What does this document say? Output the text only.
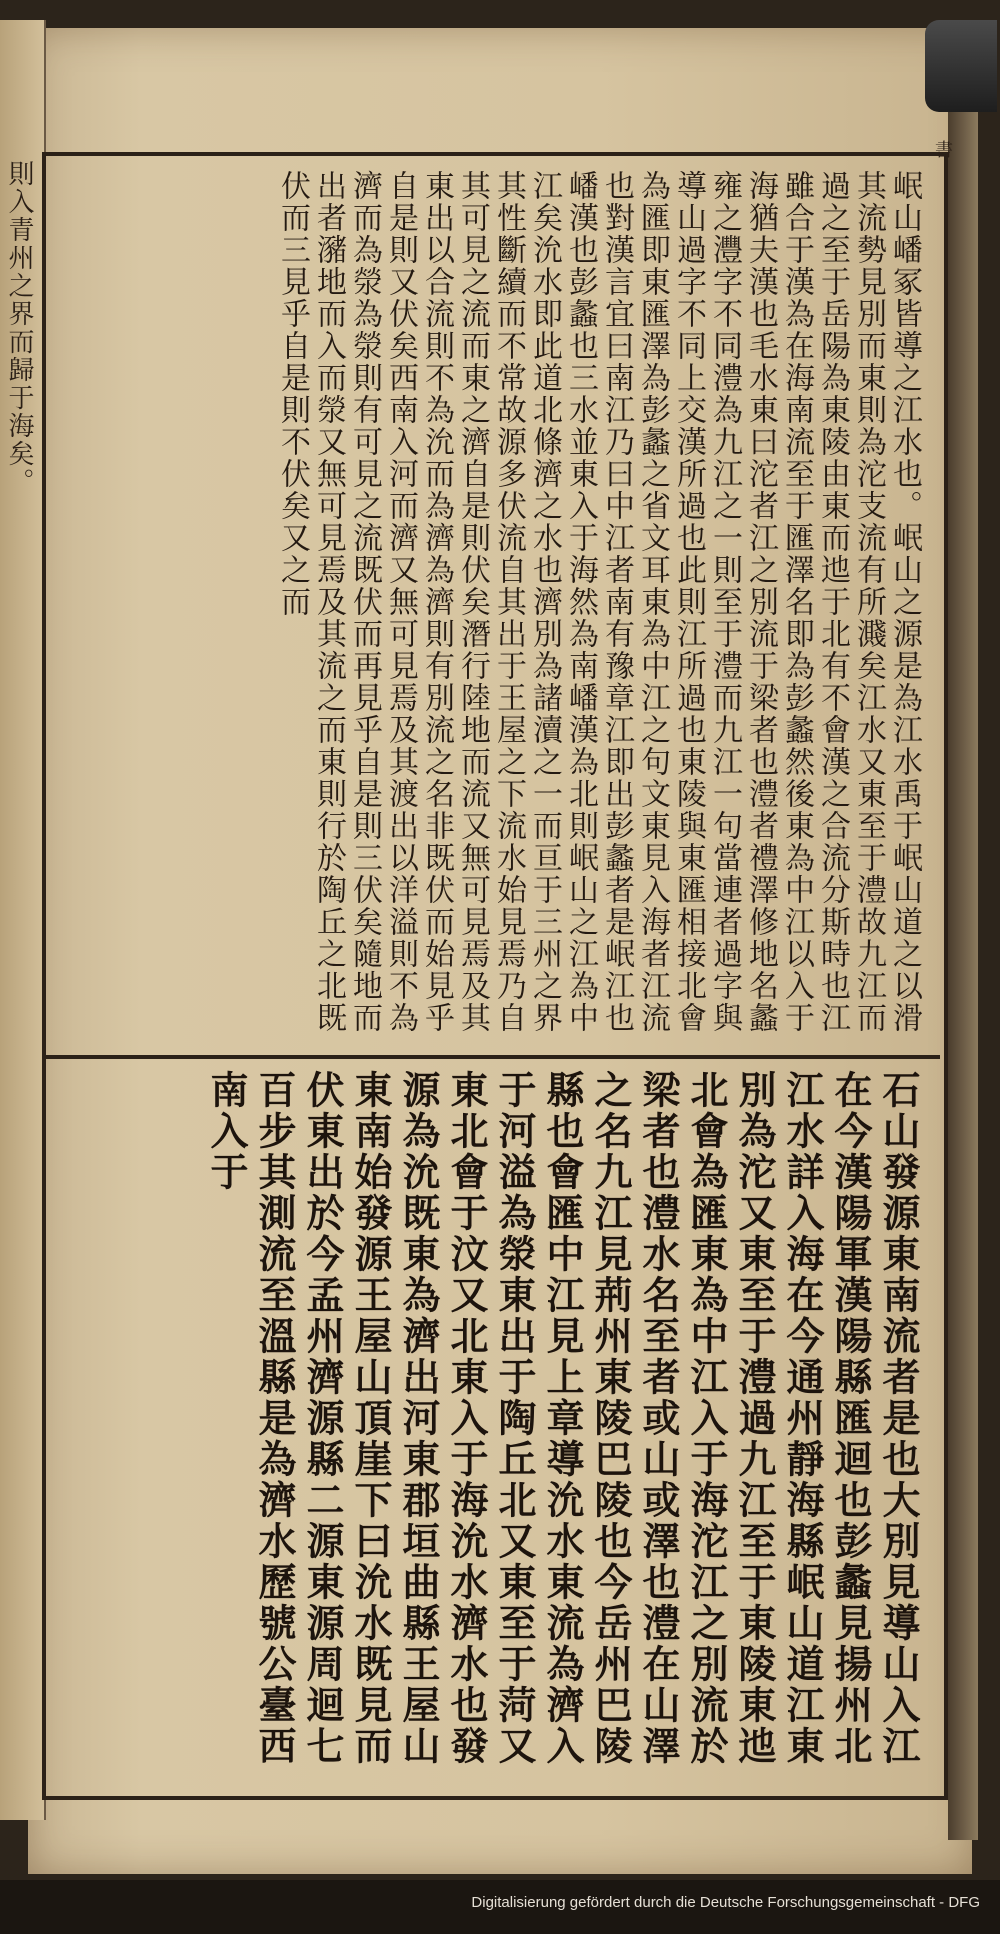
則入青州之界而歸于海矣。
書
岷山嶓冢皆導之江水也。岷山之源是為江水禹于岷山道之以滑其流勢見別而東則為沱支流有所濺矣江水又東至于澧故九江而過之至于岳陽為東陵由東而迆于北有不會漢之合流分斯時也江雖合于漢為在海南流至于匯澤名即為彭蠡然後東為中江以入于海猶夫漢也毛水東曰沱者江之別流于梁者也澧者禮澤修地名蠡雍之灃字不同澧為九江之一則至于澧而九江一句當連者過字與導山過字不同上交漢所過也此則江所過也東陵與東匯相接北會為匯即東匯澤為彭蠡之省文耳東為中江之句文東見入海者江流也對漢言宜曰南江乃曰中江者南有豫章江即出彭蠡者是岷江也嶓漢也彭蠡也三水並東入于海然為南嶓漢為北則岷山之江為中江矣沇水即此道北條濟之水也濟別為諸瀆之一而亘于三州之界其性斷續而不常故源多伏流自其出于王屋之下流水始見焉乃自其可見之流而東之濟自是則伏矣潛行陸地而流又無可見焉及其東出以合流則不為沇而為濟為濟則有別流之名非既伏而始見乎自是則又伏矣西南入河而濟又無可見焉及其渡出以洋溢則不為濟而為滎為滎則有可見之流既伏而再見乎自是則三伏矣隨地而出者瀦地而入而滎又無可見焉及其流之而東則行於陶丘之北既伏而三見乎自是則不伏矣又之而
石山發源東南流者是也大別見導山入江在今漢陽軍漢陽縣匯迴也彭蠡見揚州北江水詳入海在今通州靜海縣岷山道江東別為沱又東至于澧過九江至于東陵東迆北會為匯東為中江入于海沱江之別流於梁者也澧水名至者或山或澤也澧在山澤之名九江見荊州東陵巴陵也今岳州巴陵縣也會匯中江見上章導沇水東流為濟入于河溢為滎東出于陶丘北又東至于菏又東北會于汶又北東入于海沇水濟水也發源為沇既東為濟出河東郡垣曲縣王屋山東南始發源王屋山頂崖下曰沇水既見而伏東出於今孟州濟源縣二源東源周迴七百步其測流至溫縣是為濟水歷號公臺西南入于
Digitalisierung gefördert durch die Deutsche Forschungsgemeinschaft - DFG
